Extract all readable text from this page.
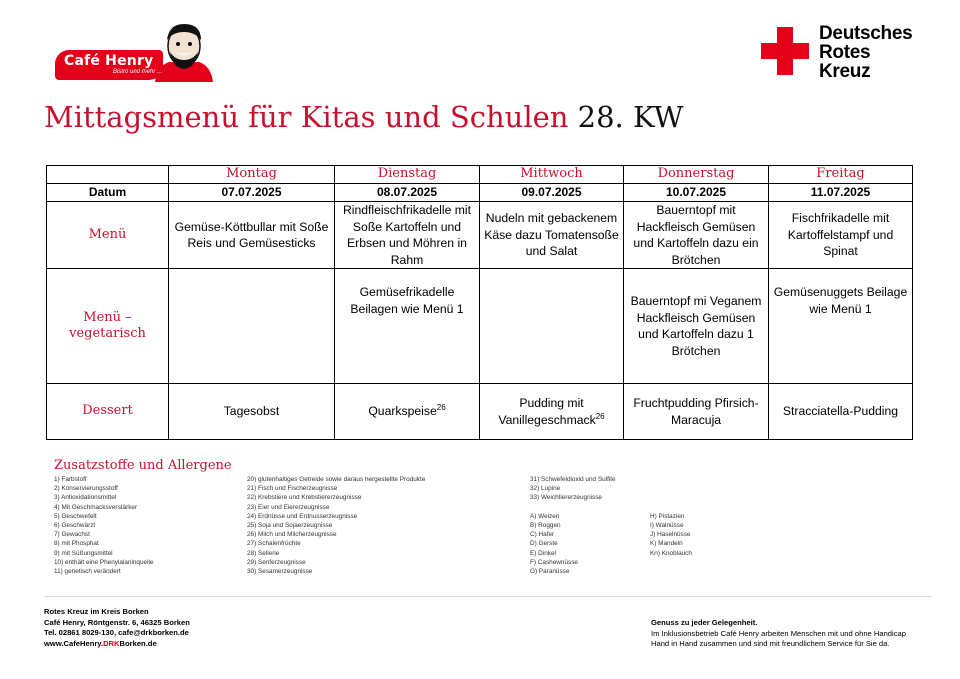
Café Henry
Bistro und mehr ...
Deutsches
Rotes
Kreuz
Mittagsmenü für Kitas und Schulen 28. KW
	Montag	Dienstag	Mittwoch	Donnerstag	Freitag
Datum	07.07.2025	08.07.2025	09.07.2025	10.07.2025	11.07.2025
Menü	Gemüse-Köttbullar mit Soße Reis und Gemüsesticks	Rindfleischfrikadelle mit Soße Kartoffeln und Erbsen und Möhren in Rahm	Nudeln mit gebackenem Käse dazu Tomatensoße und Salat	Bauerntopf mit Hackfleisch Gemüsen und Kartoffeln dazu ein Brötchen	Fischfrikadelle mit Kartoffelstampf und Spinat
Menü –
vegetarisch		Gemüsefrikadelle Beilagen wie Menü 1		Bauerntopf mi Veganem Hackfleisch Gemüsen und Kartoffeln dazu 1 Brötchen	Gemüsenuggets Beilage wie Menü 1
Dessert	Tagesobst	Quarkspeise$^{26}$	Pudding mit Vanillegeschmack$^{26}$	Fruchtpudding Pfirsich-Maracuja	Stracciatella-Pudding
Zusatzstoffe und Allergene
1) Farbstoff
2) Konservierungsstoff
3) Antioxidationsmittel
4) Mit Geschmacksverstärker
5) Geschwefelt
6) Geschwärzt
7) Gewachst
8) mit Phosphat
9) mit Süßungsmittel
10) enthält eine Phenylalaninquelle
11) genetisch verändert
20) glutenhaltiges Getreide sowie daraus hergestellte Produkte
21) Fisch und Fischerzeugnisse
22) Krebstiere und Krebstiererzeugnisse
23) Eier und Eiererzeugnisse
24) Erdnüsse und Erdnusserzeugnisse
25) Soja und Sojaerzeugnisse
26) Milch und Milcherzeugnisse
27) Schalenfrüchte
28) Sellerie
29) Senferzeugnisse
30) Sesamerzeugnisse
31) Schwefeldioxid und Sulfite
32) Lupine
33) Weichtiererzeugnisse
A) Weizen
B) Roggen
C) Hafer
D) Gerste
E) Dinkel
F) Cashewnüsse
G) Paranüsse
H) Pistazien
I) Walnüsse
J) Haselnüsse
K) Mandeln
Kn) Knoblauch
Rotes Kreuz im Kreis Borken
Café Henry, Röntgenstr. 6, 46325 Borken
Tel. 02861 8029-130, cafe@drkborken.de
www.CafeHenry.DRKBorken.de
Genuss zu jeder Gelegenheit.
Im Inklusionsbetrieb Café Henry arbeiten Menschen mit und ohne Handicap
Hand in Hand zusammen und sind mit freundlichem Service für Sie da.
